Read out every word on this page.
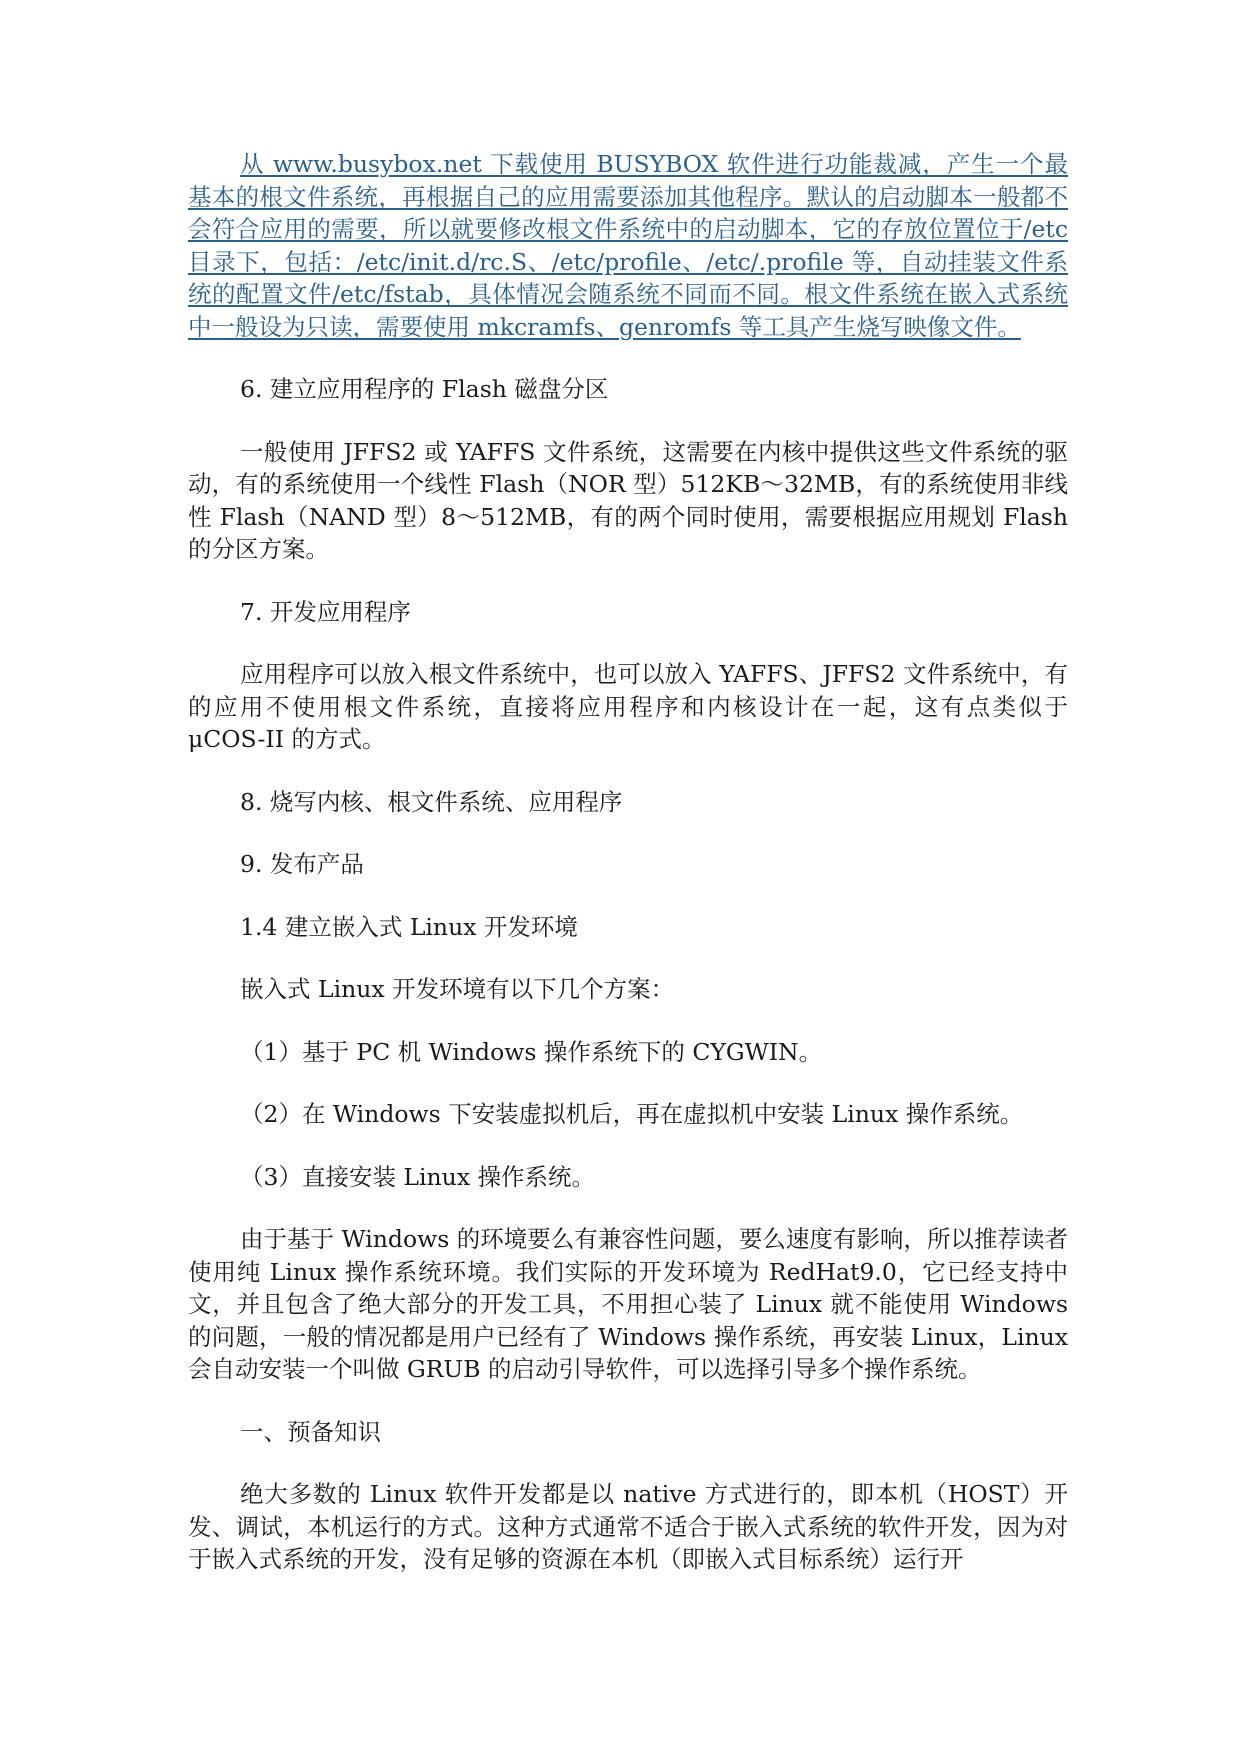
从 www.busybox.net 下载使用 BUSYBOX 软件进行功能裁减，产生一个最基本的根文件系统，再根据自己的应用需要添加其他程序。默认的启动脚本一般都不会符合应用的需要，所以就要修改根文件系统中的启动脚本，它的存放位置位于/etc 目录下，包括：/etc/init.d/rc.S、/etc/profile、/etc/.profile 等，自动挂装文件系统的配置文件/etc/fstab，具体情况会随系统不同而不同。根文件系统在嵌入式系统中一般设为只读，需要使用 mkcramfs、genromfs 等工具产生烧写映像文件。

6. 建立应用程序的 Flash 磁盘分区

一般使用 JFFS2 或 YAFFS 文件系统，这需要在内核中提供这些文件系统的驱动，有的系统使用一个线性 Flash（NOR 型）512KB～32MB，有的系统使用非线性 Flash（NAND 型）8～512MB，有的两个同时使用，需要根据应用规划 Flash 的分区方案。

7. 开发应用程序

应用程序可以放入根文件系统中，也可以放入 YAFFS、JFFS2 文件系统中，有的应用不使用根文件系统，直接将应用程序和内核设计在一起，这有点类似于 μCOS-II 的方式。

8. 烧写内核、根文件系统、应用程序

9. 发布产品

1.4 建立嵌入式 Linux 开发环境

嵌入式 Linux 开发环境有以下几个方案：

（1）基于 PC 机 Windows 操作系统下的 CYGWIN。

（2）在 Windows 下安装虚拟机后，再在虚拟机中安装 Linux 操作系统。

（3）直接安装 Linux 操作系统。

由于基于 Windows 的环境要么有兼容性问题，要么速度有影响，所以推荐读者使用纯 Linux 操作系统环境。我们实际的开发环境为 RedHat9.0，它已经支持中文，并且包含了绝大部分的开发工具，不用担心装了 Linux 就不能使用 Windows 的问题，一般的情况都是用户已经有了 Windows 操作系统，再安装 Linux，Linux 会自动安装一个叫做 GRUB 的启动引导软件，可以选择引导多个操作系统。

一、预备知识

绝大多数的 Linux 软件开发都是以 native 方式进行的，即本机（HOST）开发、调试，本机运行的方式。这种方式通常不适合于嵌入式系统的软件开发，因为对于嵌入式系统的开发，没有足够的资源在本机（即嵌入式目标系统）运行开
